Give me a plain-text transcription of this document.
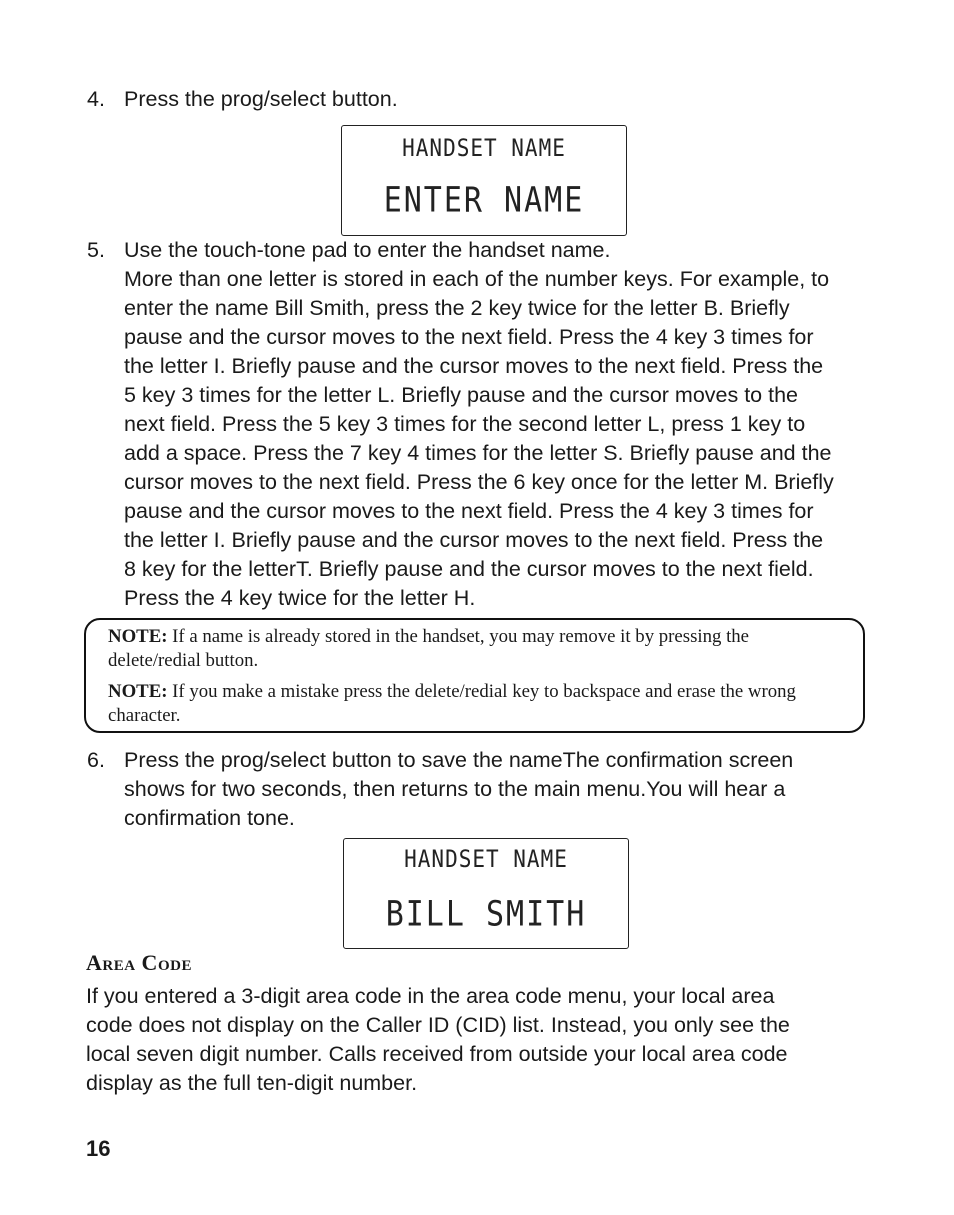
4. Press the prog/select button.
HANDSET NAME
ENTER NAME
5. Use the touch-tone pad to enter the handset name.
More than one letter is stored in each of the number keys. For example, to
enter the name Bill Smith, press the 2 key twice for the letter B. Briefly
pause and the cursor moves to the next field. Press the 4 key 3 times for
the letter I. Briefly pause and the cursor moves to the next field. Press the
5 key 3 times for the letter L. Briefly pause and the cursor moves to the
next field. Press the 5 key 3 times for the second letter L, press 1 key to
add a space. Press the 7 key 4 times for the letter S. Briefly pause and the
cursor moves to the next field. Press the 6 key once for the letter M. Briefly
pause and the cursor moves to the next field. Press the 4 key 3 times for
the letter I. Briefly pause and the cursor moves to the next field. Press the
8 key for the letterT. Briefly pause and the cursor moves to the next field.
Press the 4 key twice for the letter H.

NOTE: If a name is already stored in the handset, you may remove it by pressing the delete/redial button.

NOTE: If you make a mistake press the delete/redial key to backspace and erase the wrong character.

6. Press the prog/select button to save the nameThe confirmation screen
shows for two seconds, then returns to the main menu.You will hear a
confirmation tone.
HANDSET NAME
BILL SMITH
Area Code
If you entered a 3-digit area code in the area code menu, your local area
code does not display on the Caller ID (CID) list. Instead, you only see the
local seven digit number. Calls received from outside your local area code
display as the full ten-digit number.
16
